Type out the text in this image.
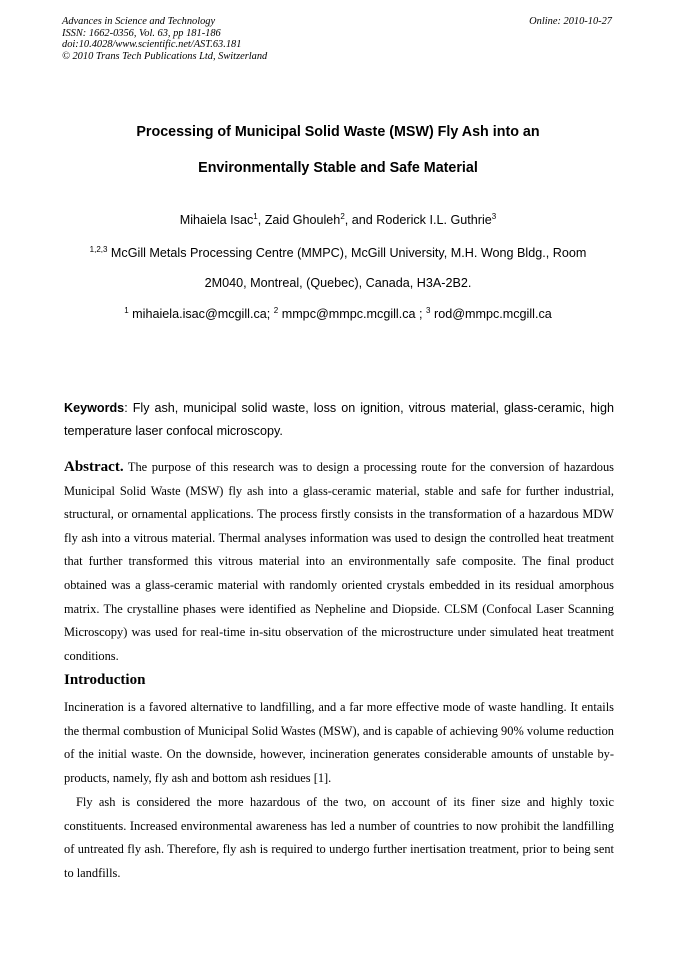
Advances in Science and Technology
ISSN: 1662-0356, Vol. 63, pp 181-186
doi:10.4028/www.scientific.net/AST.63.181
© 2010 Trans Tech Publications Ltd, Switzerland
Online: 2010-10-27
Processing of Municipal Solid Waste (MSW) Fly Ash into an
Environmentally Stable and Safe Material
Mihaiela Isac$^1$, Zaid Ghouleh$^2$, and Roderick I.L. Guthrie$^3$
$^{1,2,3}$ McGill Metals Processing Centre (MMPC), McGill University, M.H. Wong Bldg., Room
2M040, Montreal, (Quebec), Canada, H3A-2B2.
$^1$ mihaiela.isac@mcgill.ca; $^2$ mmpc@mmpc.mcgill.ca ; $^3$ rod@mmpc.mcgill.ca
Keywords: Fly ash, municipal solid waste, loss on ignition, vitrous material, glass-ceramic, high temperature laser confocal microscopy.
Abstract. The purpose of this research was to design a processing route for the conversion of hazardous Municipal Solid Waste (MSW) fly ash into a glass-ceramic material, stable and safe for further industrial, structural, or ornamental applications. The process firstly consists in the transformation of a hazardous MDW fly ash into a vitrous material. Thermal analyses information was used to design the controlled heat treatment that further transformed this vitrous material into an environmentally safe composite. The final product obtained was a glass-ceramic material with randomly oriented crystals embedded in its residual amorphous matrix. The crystalline phases were identified as Nepheline and Diopside. CLSM (Confocal Laser Scanning Microscopy) was used for real-time in-situ observation of the microstructure under simulated heat treatment conditions.
Introduction
Incineration is a favored alternative to landfilling, and a far more effective mode of waste handling. It entails the thermal combustion of Municipal Solid Wastes (MSW), and is capable of achieving 90% volume reduction of the initial waste. On the downside, however, incineration generates considerable amounts of unstable by-products, namely, fly ash and bottom ash residues [1].
Fly ash is considered the more hazardous of the two, on account of its finer size and highly toxic constituents. Increased environmental awareness has led a number of countries to now prohibit the landfilling of untreated fly ash. Therefore, fly ash is required to undergo further inertisation treatment, prior to being sent to landfills.
